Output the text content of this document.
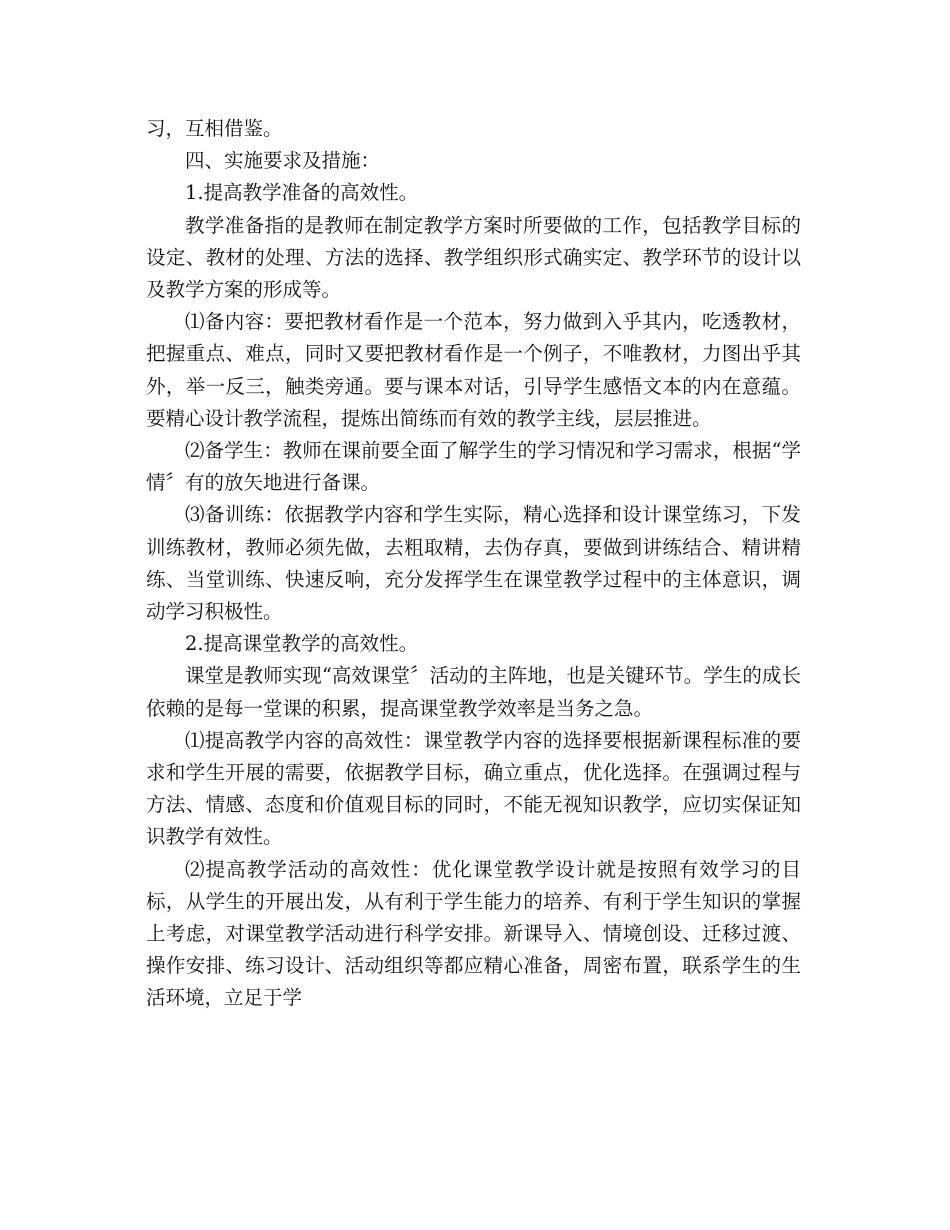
习，互相借鉴。

四、实施要求及措施：

1.提高教学准备的高效性。

教学准备指的是教师在制定教学方案时所要做的工作，包括教学目标的设定、教材的处理、方法的选择、教学组织形式确实定、教学环节的设计以及教学方案的形成等。

⑴备内容：要把教材看作是一个范本，努力做到入乎其内，吃透教材，把握重点、难点，同时又要把教材看作是一个例子，不唯教材，力图出乎其外，举一反三，触类旁通。要与课本对话，引导学生感悟文本的内在意蕴。要精心设计教学流程，提炼出简练而有效的教学主线，层层推进。

⑵备学生：教师在课前要全面了解学生的学习情况和学习需求，根据“学情〞有的放矢地进行备课。

⑶备训练：依据教学内容和学生实际，精心选择和设计课堂练习，下发训练教材，教师必须先做，去粗取精，去伪存真，要做到讲练结合、精讲精练、当堂训练、快速反响，充分发挥学生在课堂教学过程中的主体意识，调动学习积极性。

2.提高课堂教学的高效性。

课堂是教师实现“高效课堂〞活动的主阵地，也是关键环节。学生的成长依赖的是每一堂课的积累，提高课堂教学效率是当务之急。

⑴提高教学内容的高效性：课堂教学内容的选择要根据新课程标准的要求和学生开展的需要，依据教学目标，确立重点，优化选择。在强调过程与方法、情感、态度和价值观目标的同时，不能无视知识教学，应切实保证知识教学有效性。

⑵提高教学活动的高效性：优化课堂教学设计就是按照有效学习的目标，从学生的开展出发，从有利于学生能力的培养、有利于学生知识的掌握上考虑，对课堂教学活动进行科学安排。新课导入、情境创设、迁移过渡、操作安排、练习设计、活动组织等都应精心准备，周密布置，联系学生的生活环境，立足于学
